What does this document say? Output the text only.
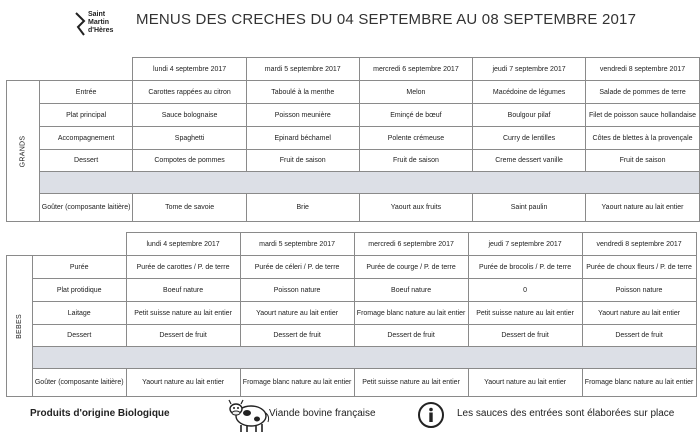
Saint
Martin
d'Hères
MENUS DES CRECHES DU 04 SEPTEMBRE AU 08 SEPTEMBRE 2017
		lundi 4 septembre 2017	mardi 5 septembre 2017	mercredi 6 septembre 2017	jeudi 7 septembre 2017	vendredi 8 septembre 2017
GRANDS	Entrée	Carottes rappées au citron	Taboulé à la menthe	Melon	Macédoine de légumes	Salade de pommes de terre
	Plat principal	Sauce bolognaise	Poisson meunière	Eminçé de bœuf	Boulgour pilaf	Filet de poisson sauce hollandaise
	Accompagnement	Spaghetti	Epinard béchamel	Polente crémeuse	Curry de lentilles	Côtes de blettes à la provençale
	Dessert	Compotes de pommes	Fruit de saison	Fruit de saison	Creme dessert vanille	Fruit de saison

	Goûter (composante laitière)	Tome de savoie	Brie	Yaourt aux fruits	Saint paulin	Yaourt nature au lait entier
		lundi 4 septembre 2017	mardi 5 septembre 2017	mercredi 6 septembre 2017	jeudi 7 septembre 2017	vendredi 8 septembre 2017
BEBES	Purée	Purée de carottes / P. de terre	Purée de céleri / P. de terre	Purée de courge / P. de terre	Purée de brocolis / P. de terre	Purée de choux fleurs / P. de terre
	Plat protidique	Boeuf nature	Poisson nature	Boeuf nature	0	Poisson nature
	Laitage	Petit suisse nature au lait entier	Yaourt nature au lait entier	Fromage blanc nature au lait entier	Petit suisse nature au lait entier	Yaourt nature au lait entier
	Dessert	Dessert de fruit	Dessert de fruit	Dessert de fruit	Dessert de fruit	Dessert de fruit

	Goûter (composante laitière)	Yaourt nature au lait entier	Fromage blanc nature au lait entier	Petit suisse nature au lait entier	Yaourt nature au lait entier	Fromage blanc nature au lait entier
Produits d'origine Biologique	Viande bovine française	Les sauces des entrées sont élaborées sur place
